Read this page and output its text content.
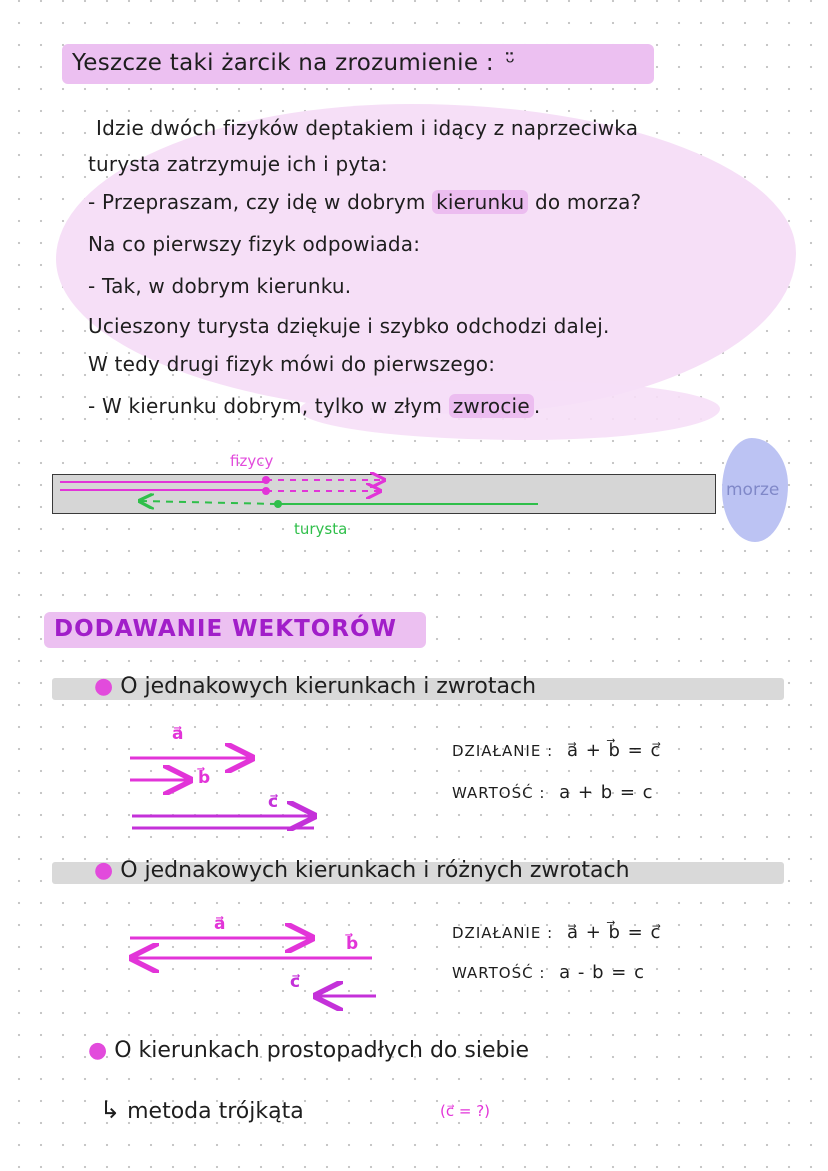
Yeszcze taki żarcik na zrozumienie : ᵕ̈
Idzie dwóch fizyków deptakiem i idący z naprzeciwka
turysta zatrzymuje ich i pyta:
- Przepraszam, czy idę w dobrym kierunku do morza?
Na co pierwszy fizyk odpowiada:
- Tak, w dobrym kierunku.
Ucieszony turysta dziękuje i szybko odchodzi dalej.
W tedy drugi fizyk mówi do pierwszego:
- W kierunku dobrym, tylko w złym zwrocie .
morze
fizycy
turysta
DODAWANIE WEKTORÓW
● O jednakowych kierunkach i zwrotach
a⃗
b⃗
c⃗
DZIAŁANIE : a⃗ + b⃗ = c⃗
WARTOŚĆ : a + b = c
● O jednakowych kierunkach i różnych zwrotach
a⃗
b⃗
c⃗
DZIAŁANIE : a⃗ + b⃗ = c⃗
WARTOŚĆ : a - b = c
● O kierunkach prostopadłych do siebie
↳ metoda trójkąta	(c⃗ = ?)
